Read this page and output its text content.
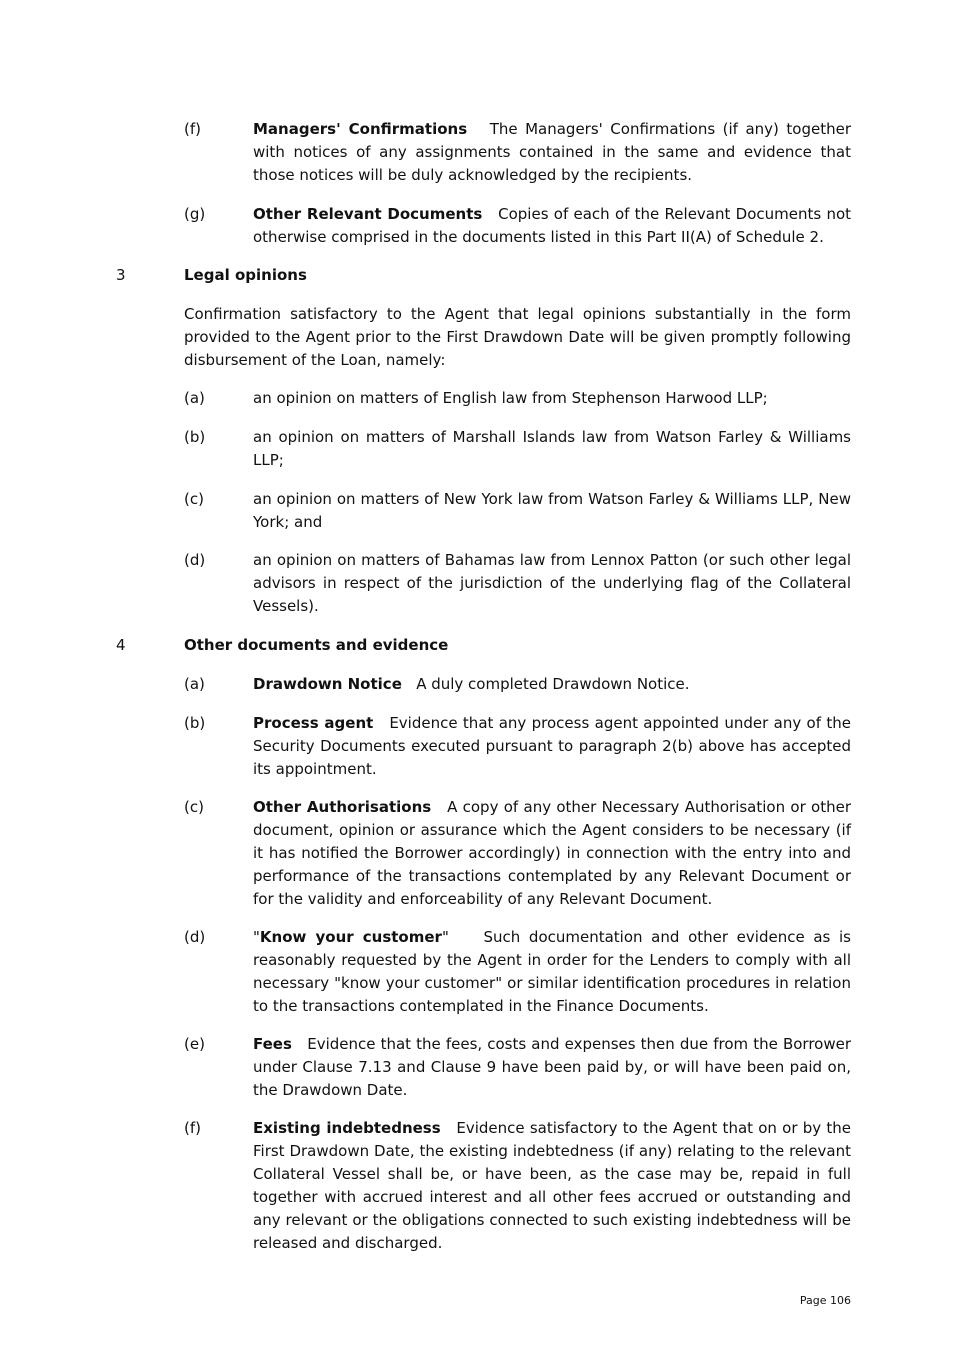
(f)	Managers' Confirmations The Managers' Confirmations (if any) together with notices of any assignments contained in the same and evidence that those notices will be duly acknowledged by the recipients.
(g)	Other Relevant Documents Copies of each of the Relevant Documents not otherwise comprised in the documents listed in this Part II(A) of Schedule 2.
3	Legal opinions
Confirmation satisfactory to the Agent that legal opinions substantially in the form provided to the Agent prior to the First Drawdown Date will be given promptly following disbursement of the Loan, namely:
(a)	an opinion on matters of English law from Stephenson Harwood LLP;
(b)	an opinion on matters of Marshall Islands law from Watson Farley & Williams LLP;
(c)	an opinion on matters of New York law from Watson Farley & Williams LLP, New York; and
(d)	an opinion on matters of Bahamas law from Lennox Patton (or such other legal advisors in respect of the jurisdiction of the underlying flag of the Collateral Vessels).
4	Other documents and evidence
(a)	Drawdown Notice A duly completed Drawdown Notice.
(b)	Process agent Evidence that any process agent appointed under any of the Security Documents executed pursuant to paragraph 2(b) above has accepted its appointment.
(c)	Other Authorisations A copy of any other Necessary Authorisation or other document, opinion or assurance which the Agent considers to be necessary (if it has notified the Borrower accordingly) in connection with the entry into and performance of the transactions contemplated by any Relevant Document or for the validity and enforceability of any Relevant Document.
(d)	"Know your customer" Such documentation and other evidence as is reasonably requested by the Agent in order for the Lenders to comply with all necessary "know your customer" or similar identification procedures in relation to the transactions contemplated in the Finance Documents.
(e)	Fees Evidence that the fees, costs and expenses then due from the Borrower under Clause 7.13 and Clause 9 have been paid by, or will have been paid on, the Drawdown Date.
(f)	Existing indebtedness Evidence satisfactory to the Agent that on or by the First Drawdown Date, the existing indebtedness (if any) relating to the relevant Collateral Vessel shall be, or have been, as the case may be, repaid in full together with accrued interest and all other fees accrued or outstanding and any relevant or the obligations connected to such existing indebtedness will be released and discharged.
Page 106
